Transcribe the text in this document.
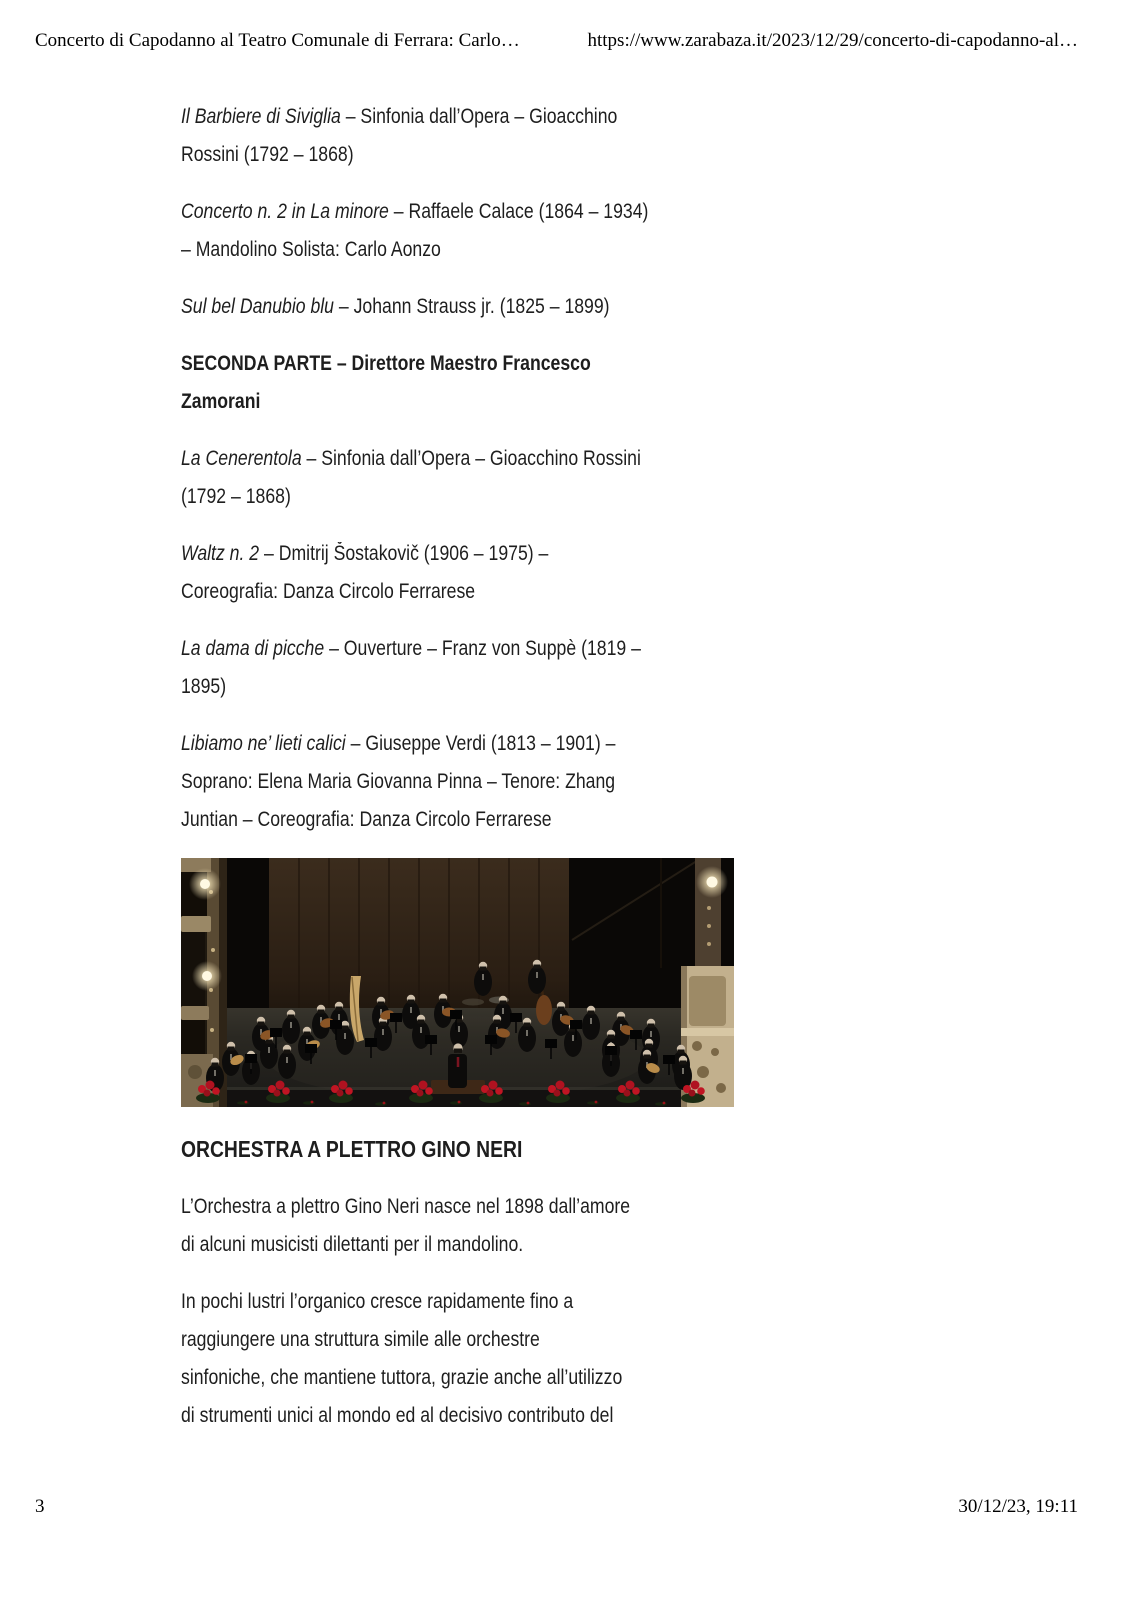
Concerto di Capodanno al Teatro Comunale di Ferrara: Carlo…	https://www.zarabaza.it/2023/12/29/concerto-di-capodanno-al…
Il Barbiere di Siviglia – Sinfonia dall’Opera – Gioacchino
Rossini (1792 – 1868)
Concerto n. 2 in La minore – Raffaele Calace (1864 – 1934)
– Mandolino Solista: Carlo Aonzo
Sul bel Danubio blu – Johann Strauss jr. (1825 – 1899)
SECONDA PARTE – Direttore Maestro Francesco
Zamorani
La Cenerentola – Sinfonia dall’Opera – Gioacchino Rossini
(1792 – 1868)
Waltz n. 2 – Dmitrij Šostakovič (1906 – 1975) –
Coreografia: Danza Circolo Ferrarese
La dama di picche – Ouverture – Franz von Suppè (1819 –
1895)
Libiamo ne’ lieti calici – Giuseppe Verdi (1813 – 1901) –
Soprano: Elena Maria Giovanna Pinna – Tenore: Zhang
Juntian – Coreografia: Danza Circolo Ferrarese
ORCHESTRA A PLETTRO GINO NERI
L’Orchestra a plettro Gino Neri nasce nel 1898 dall’amore
di alcuni musicisti dilettanti per il mandolino.
In pochi lustri l’organico cresce rapidamente fino a
raggiungere una struttura simile alle orchestre
sinfoniche, che mantiene tuttora, grazie anche all’utilizzo
di strumenti unici al mondo ed al decisivo contributo del
3	30/12/23, 19:11
